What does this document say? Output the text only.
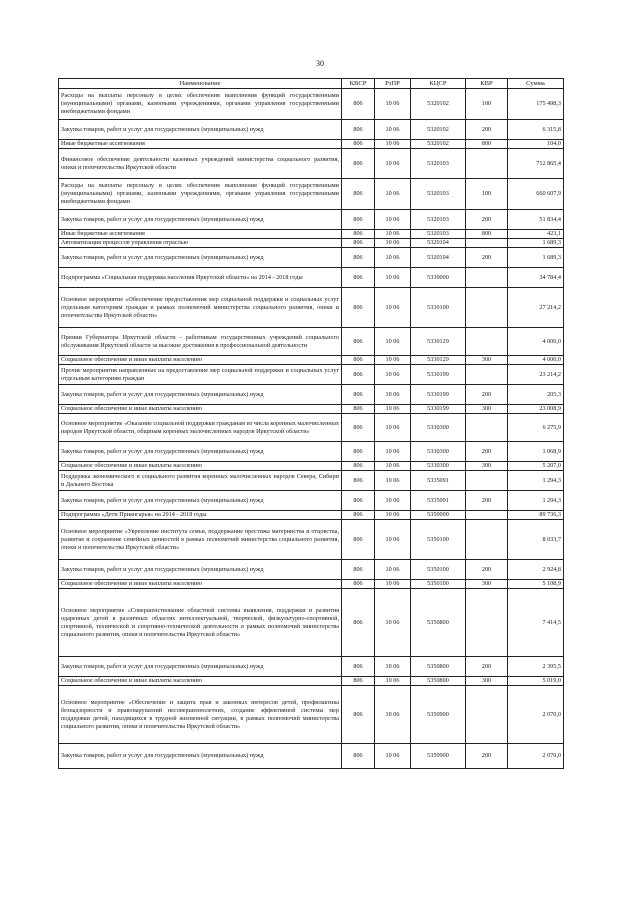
30
Наименование	КВСР	РзПР	КЦСР	КВР	Сумма
Расходы на выплаты персоналу в целях обеспечения выполнения функций государственными (муниципальными) органами, казенными учреждениями, органами управления государственными внебюджетными фондами	806	10 06	5320102	100	175 498,3
Закупка товаров, работ и услуг для государственных (муниципальных) нужд	806	10 06	5320102	200	6 315,8
Иные бюджетные ассигнования	806	10 06	5320102	800	104,0
Финансовое обеспечение деятельности казенных учреждений министерства социального развития, опеки и попечительства Иркутской области	806	10 06	5320103		712 865,4
Расходы на выплаты персоналу в целях обеспечения выполнения функций государственными (муниципальными) органами, казенными учреждениями, органами управления государственными внебюджетными фондами	806	10 06	5320103	100	660 607,9
Закупка товаров, работ и услуг для государственных (муниципальных) нужд	806	10 06	5320103	200	51 834,4
Иные бюджетные ассигнования	806	10 06	5320103	800	423,1
Автоматизация процессов управления отраслью	806	10 06	5320104		1 689,3
Закупка товаров, работ и услуг для государственных (муниципальных) нужд	806	10 06	5320104	200	1 689,3
Подпрограмма «Социальная поддержка населения Иркутской области» на 2014 - 2018 годы	806	10 06	5330000		34 784,4
Основное мероприятие «Обеспечение предоставления мер социальной поддержки и социальных услуг отдельным категориям граждан в рамках полномочий министерства социального развития, опеки и попечительства Иркутской области»	806	10 06	5330100		27 214,2
Премии Губернатора Иркутской области - работникам государственных учреждений социального обслуживания Иркутской области за высокие достижения в профессиональной деятельности	806	10 06	5330129		4 000,0
Социальное обеспечение и иные выплаты населению	806	10 06	5330129	300	4 000,0
Прочие мероприятия направленные на предоставление мер социальной поддержки и социальных услуг отдельным категориям граждан	806	10 06	5330199		23 214,2
Закупка товаров, работ и услуг для государственных (муниципальных) нужд	806	10 06	5330199	200	205,3
Социальное обеспечение и иные выплаты населению	806	10 06	5330199	300	23 008,9
Основное мероприятие «Оказание социальной поддержки гражданам из числа коренных малочисленных народов Иркутской области, общинам коренных малочисленных народов Иркутской области»	806	10 06	5330300		6 275,9
Закупка товаров, работ и услуг для государственных (муниципальных) нужд	806	10 06	5330300	200	1 068,9
Социальное обеспечение и иные выплаты населению	806	10 06	5330300	300	5 207,0
Поддержка экономического и социального развития коренных малочисленных народов Севера, Сибири и Дальнего Востока	806	10 06	5335091		1 294,3
Закупка товаров, работ и услуг для государственных (муниципальных) нужд	806	10 06	5335091	200	1 294,3
Подпрограмма «Дети Приангарья» на 2014 - 2018 годы	806	10 06	5350000		89 736,3
Основное мероприятие «Укрепление института семьи, поддержание престижа материнства и отцовства, развитие и сохранение семейных ценностей в рамках полномочий министерства социального развития, опеки и попечительства Иркутской области»	806	10 06	5350100		8 033,7
Закупка товаров, работ и услуг для государственных (муниципальных) нужд	806	10 06	5350100	200	2 924,8
Социальное обеспечение и иные выплаты населению	806	10 06	5350100	300	5 108,9
Основное мероприятие «Совершенствование областной системы выявления, поддержки и развития одаренных детей в различных областях интеллектуальной, творческой, физкультурно-спортивной, спортивной, технической и спортивно-технической деятельности в рамках полномочий министерства социального развития, опеки и попечительства Иркутской области»	806	10 06	5350800		7 414,5
Закупка товаров, работ и услуг для государственных (муниципальных) нужд	806	10 06	5350800	200	2 395,5
Социальное обеспечение и иные выплаты населению	806	10 06	5350800	300	5 019,0
Основное мероприятие «Обеспечение и защита прав и законных интересов детей, профилактика безнадзорности и правонарушений несовершеннолетних, создание эффективной системы мер поддержки детей, находящихся в трудной жизненной ситуации, в рамках полномочий министерства социального развития, опеки и попечительства Иркутской области»	806	10 06	5350900		2 070,0
Закупка товаров, работ и услуг для государственных (муниципальных) нужд	806	10 06	5350900	200	2 070,0
